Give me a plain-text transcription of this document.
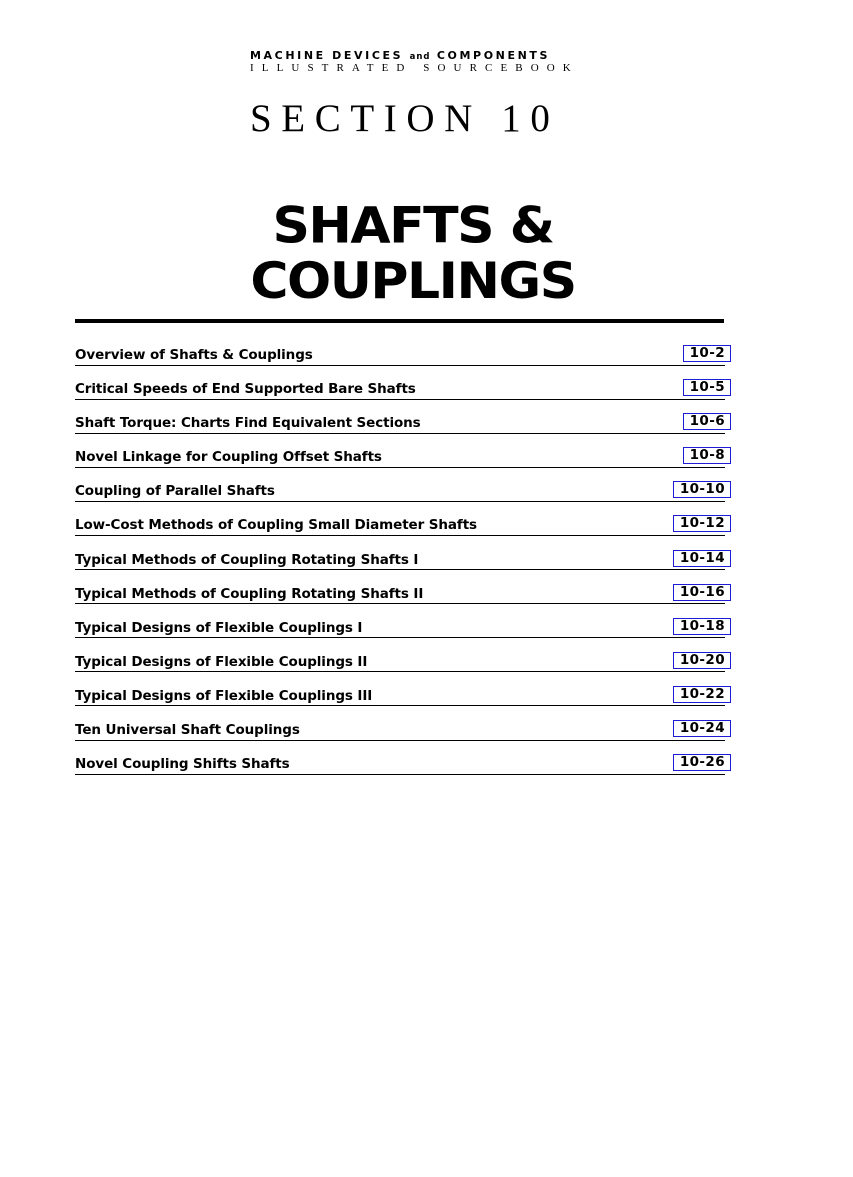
MACHINE DEVICES and COMPONENTS
ILLUSTRATED SOURCEBOOK
SECTION 10
SHAFTS &
COUPLINGS
Overview of Shafts & Couplings	10-2
Critical Speeds of End Supported Bare Shafts	10-5
Shaft Torque: Charts Find Equivalent Sections	10-6
Novel Linkage for Coupling Offset Shafts	10-8
Coupling of Parallel Shafts	10-10
Low-Cost Methods of Coupling Small Diameter Shafts	10-12
Typical Methods of Coupling Rotating Shafts I	10-14
Typical Methods of Coupling Rotating Shafts II	10-16
Typical Designs of Flexible Couplings I	10-18
Typical Designs of Flexible Couplings II	10-20
Typical Designs of Flexible Couplings III	10-22
Ten Universal Shaft Couplings	10-24
Novel Coupling Shifts Shafts	10-26
